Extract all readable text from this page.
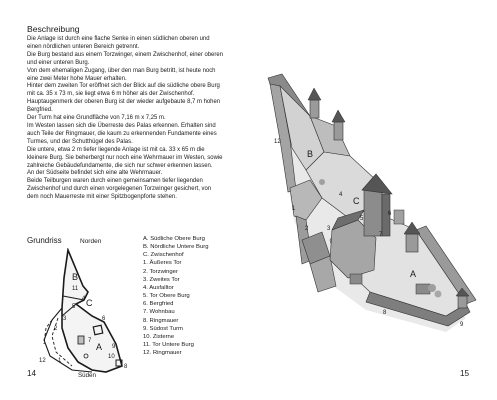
Beschreibung

Die Anlage ist durch eine flache Senke in einen südlichen oberen und

einen nördlichen unteren Bereich getrennt.

Die Burg bestand aus einem Torzwinger, einem Zwischenhof, einer oberen

und einer unteren Burg.

Von dem ehemaligen Zugang, über den man Burg betritt, ist heute noch

eine zwei Meter hohe Mauer erhalten.

Hinter dem zweiten Tor eröffnet sich der Blick auf die südliche obere Burg

mit ca. 35 x 73 m, sie liegt etwa 6 m höher als der Zwischenhof.

Hauptaugenmerk der oberen Burg ist der wieder aufgebaute 8,7 m hohen

Bergfried.

Der Turm hat eine Grundfläche von 7,16 m x 7,25 m.

Im Westen lassen sich die Überreste des Palas erkennen. Erhalten sind

auch Teile der Ringmauer, die kaum zu erkennenden Fundamente eines

Turmes, und der Schutthügel des Palas.

Die untere, etwa 2 m tiefer liegende Anlage ist mit ca. 33 x 65 m die

kleinere Burg. Sie beherbergt nur noch eine Wehrmauer im Westen, sowie

zahlreiche Gebäudefundamente, die sich nur schwer erkennen lassen.

An der Südseite befindet sich eine alte Wehrmauer.

Beide Teilburgen waren durch einen gemeinsamen tiefer liegenden

Zwischenhof und durch einen vorgelegenen Torzwinger gesichert, von

dem noch Mauerreste mit einer Spitzbogenpforte stehen.

Grundriss	Norden
11
4
B
5 C
6
3
2
7
9
A
10
12 1
8
Süden
A. Südliche Obere Burg
B. Nördliche Untere Burg
C. Zwischenhof
1. Äußeres Tor
2. Torzwinger
3. Zweites Tor
4. Ausfalltor
5. Tor Obere Burg
6. Bergfried
7. Wohnbau
8. Ringmauer
9. Südost Turm
10. Zisterne
11. Tor Untere Burg
12. Ringmauer
14
12
B
1
2	3
C
4
5
6
7
A
8
9
15
